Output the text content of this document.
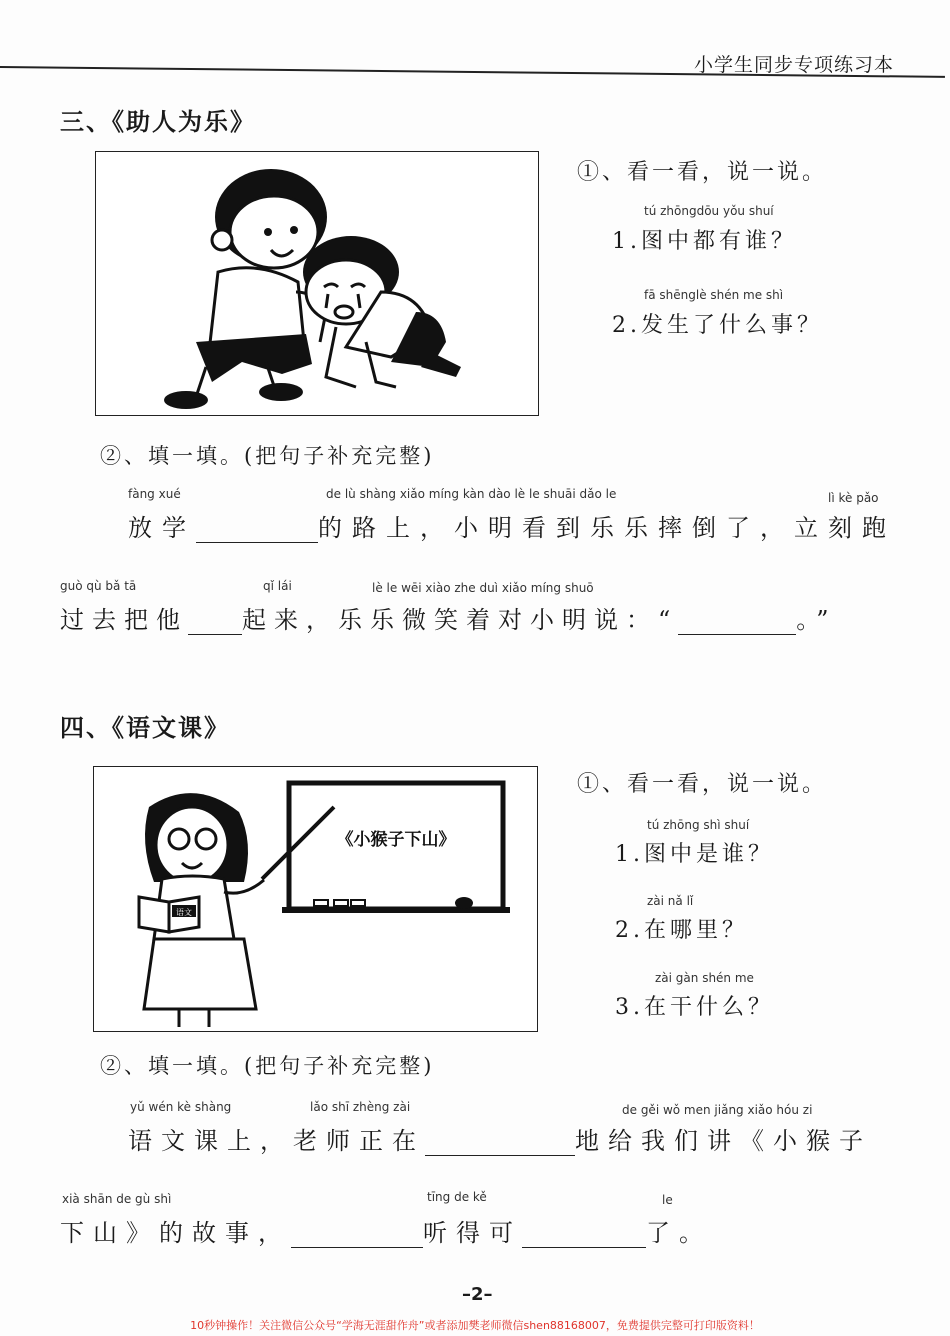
小学生同步专项练习本
三、《助人为乐》
①、看一看，说一说。
tú zhōngdōu yǒu shuí
1.图中都有谁？
fā shēnglè shén me shì
2.发生了什么事？
②、填一填。(把句子补充完整)
fàng xué	de lù shàng xiǎo míng kàn dào lè le shuāi dǎo le	lì kè pǎo
放学	的路上，小明看到乐乐摔倒了，立刻跑
guò qù bǎ tā	qǐ lái	lè le wēi xiào zhe duì xiǎo míng shuō
过去把他 起来，乐乐微笑着对小明说：“	。”
四、《语文课》
《小猴子下山》
语文
①、看一看，说一说。
tú zhōng shì shuí
1.图中是谁？
zài nǎ lǐ
2.在哪里？
zài gàn shén me
3.在干什么？
②、填一填。(把句子补充完整)
yǔ wén kè shàng	lǎo shī zhèng zài	de gěi wǒ men jiǎng xiǎo hóu zi
语文课上，老师正在	地给我们讲《小猴子
xià shān de gù shì	tīng de kě	le
下山》的故事，	听得可	了。
–2–
10秒钟操作！关注微信公众号“学海无涯甜作舟”或者添加樊老师微信shen88168007，免费提供完整可打印版资料！
